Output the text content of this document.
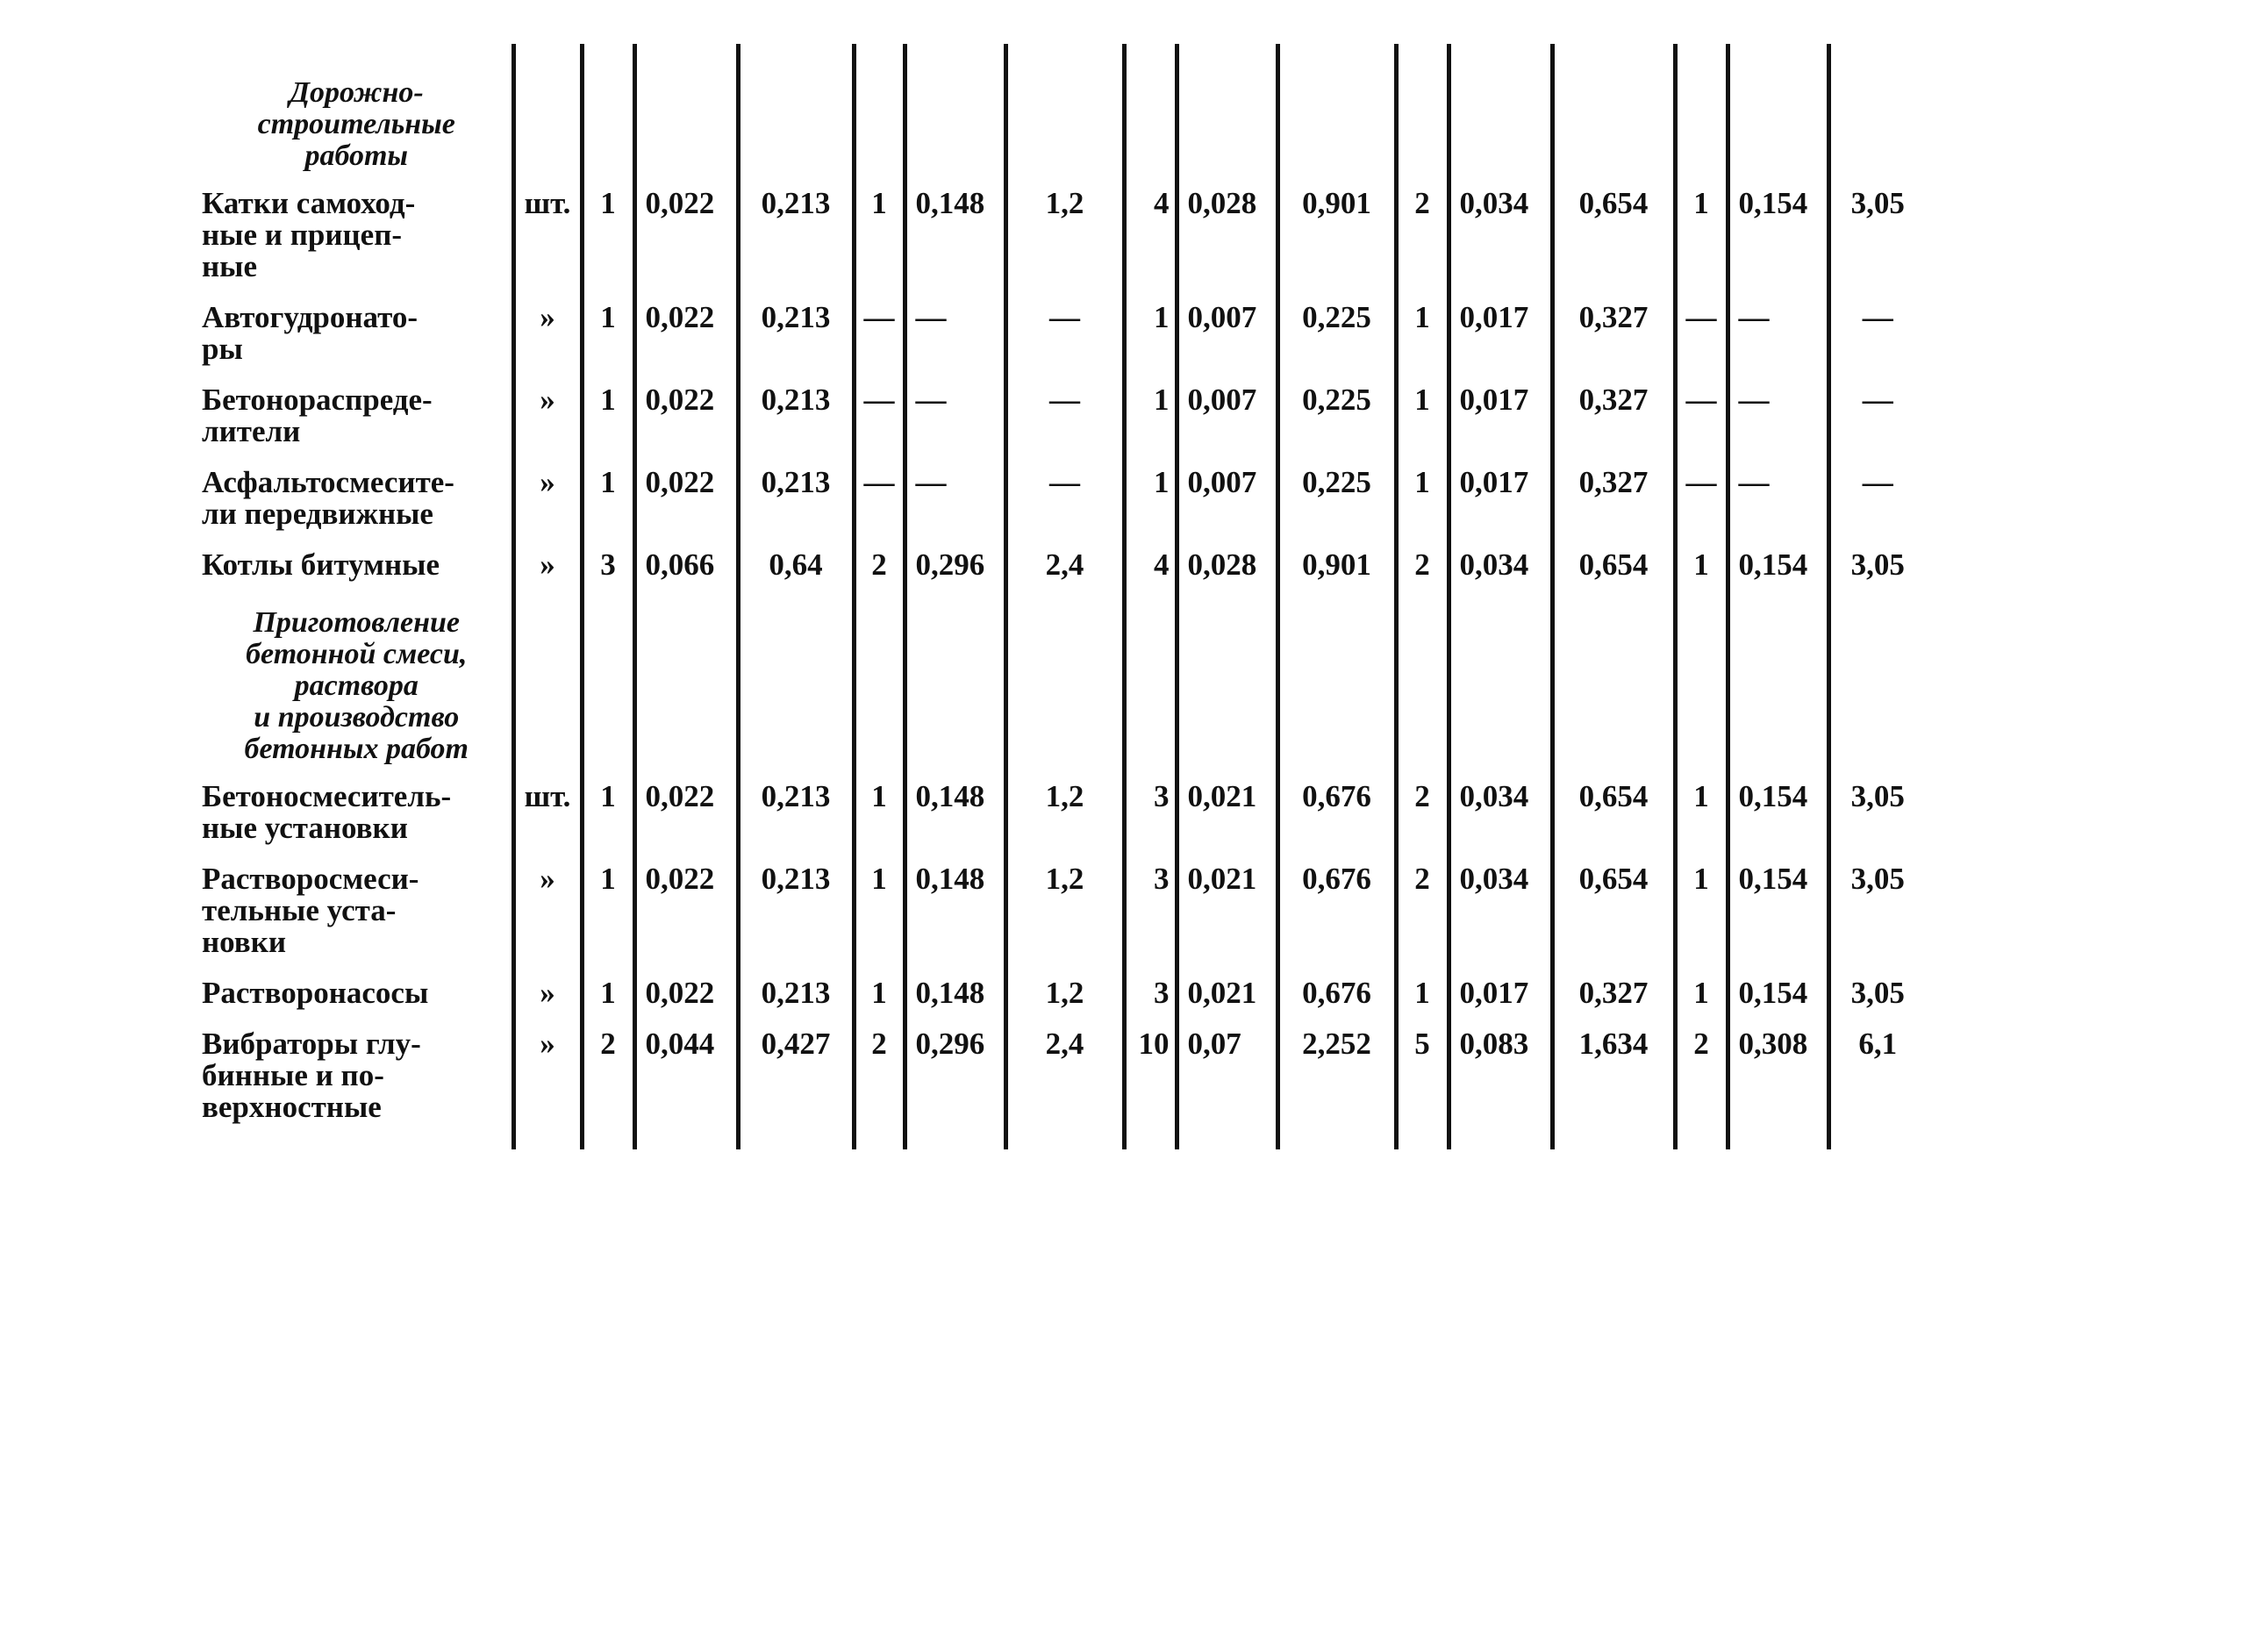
Дорожно-
строительные
работы																

Катки самоход-
ные и прицеп-
ные	шт.	1	0,022	0,213	1	0,148	1,2	4	0,028	0,901	2	0,034	0,654	1	0,154	3,05

Автогудронато-
ры	»	1	0,022	0,213	—	—	—	1	0,007	0,225	1	0,017	0,327	—	—	—

Бетонораспреде-
лители	»	1	0,022	0,213	—	—	—	1	0,007	0,225	1	0,017	0,327	—	—	—

Асфальтосмесите-
ли передвижные	»	1	0,022	0,213	—	—	—	1	0,007	0,225	1	0,017	0,327	—	—	—

Котлы битумные	»	3	0,066	0,64	2	0,296	2,4	4	0,028	0,901	2	0,034	0,654	1	0,154	3,05

Приготовление
бетонной смеси,
раствора
и производство
бетонных работ																

Бетоносмеситель-
ные установки	шт.	1	0,022	0,213	1	0,148	1,2	3	0,021	0,676	2	0,034	0,654	1	0,154	3,05

Растворосмеси-
тельные уста-
новки	»	1	0,022	0,213	1	0,148	1,2	3	0,021	0,676	2	0,034	0,654	1	0,154	3,05

Растворонасосы	»	1	0,022	0,213	1	0,148	1,2	3	0,021	0,676	1	0,017	0,327	1	0,154	3,05

Вибраторы глу-
бинные и по-
верхностные	»	2	0,044	0,427	2	0,296	2,4	10	0,07	2,252	5	0,083	1,634	2	0,308	6,1
